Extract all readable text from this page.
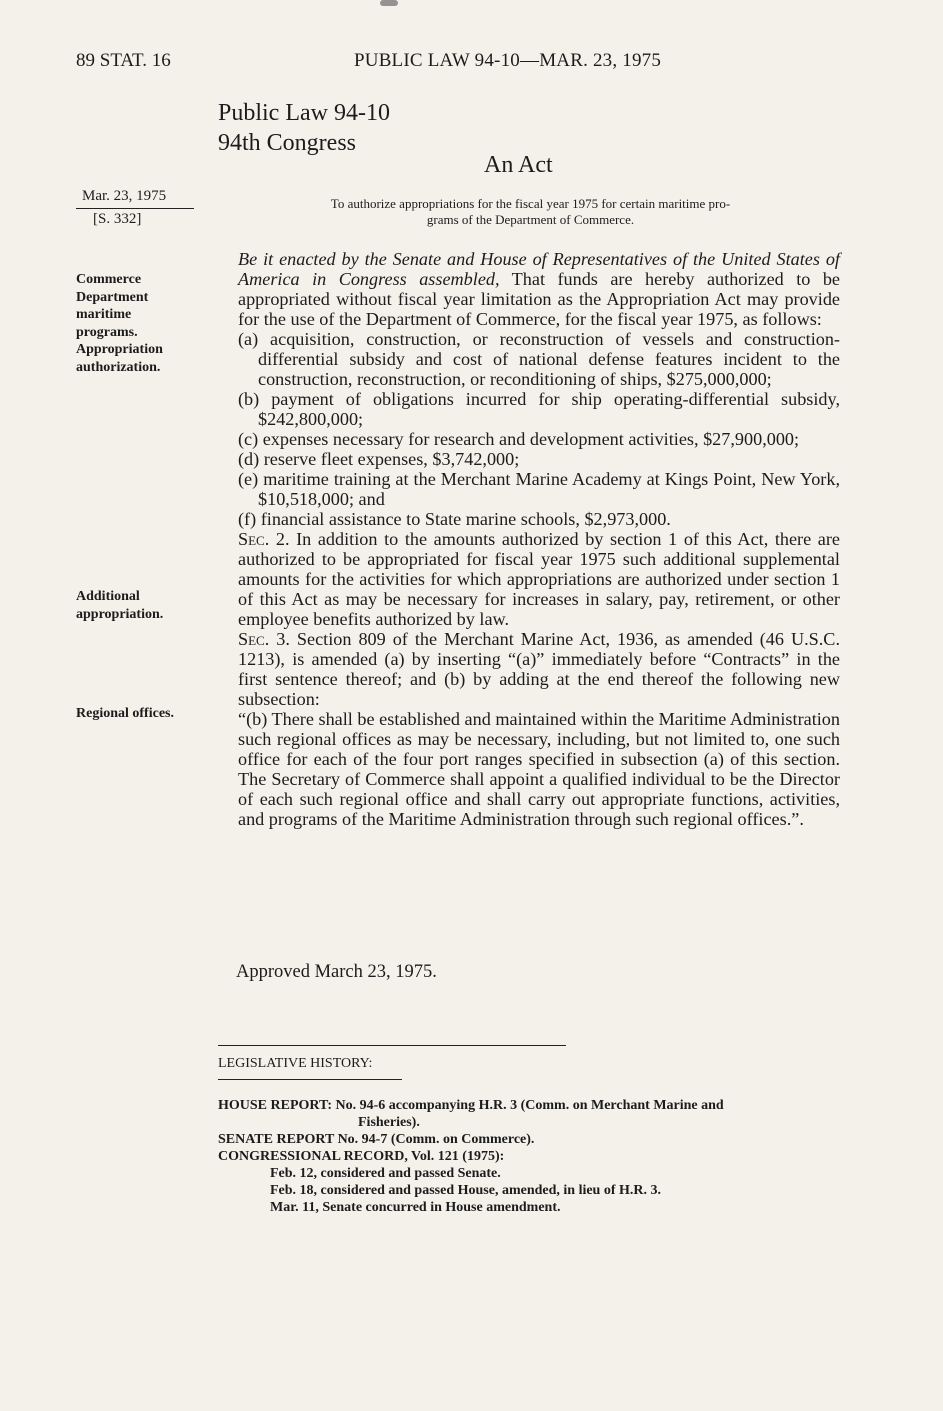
89 STAT. 16	PUBLIC LAW 94-10—MAR. 23, 1975
Public Law 94-10
94th Congress
An Act
Mar. 23, 1975
[S. 332]
To authorize appropriations for the fiscal year 1975 for certain maritime pro-
grams of the Department of Commerce.
Commerce
Department
maritime
programs.
Appropriation
authorization.
Additional
appropriation.
Regional offices.

Be it enacted by the Senate and House of Representatives of the United States of America in Congress assembled, That funds are hereby authorized to be appropriated without fiscal year limitation as the Appropriation Act may provide for the use of the Department of Commerce, for the fiscal year 1975, as follows:

(a) acquisition, construction, or reconstruction of vessels and construction-differential subsidy and cost of national defense features incident to the construction, reconstruction, or reconditioning of ships, $275,000,000;

(b) payment of obligations incurred for ship operating-differential subsidy, $242,800,000;

(c) expenses necessary for research and development activities, $27,900,000;

(d) reserve fleet expenses, $3,742,000;

(e) maritime training at the Merchant Marine Academy at Kings Point, New York, $10,518,000; and

(f) financial assistance to State marine schools, $2,973,000.

Sec. 2. In addition to the amounts authorized by section 1 of this Act, there are authorized to be appropriated for fiscal year 1975 such additional supplemental amounts for the activities for which appropriations are authorized under section 1 of this Act as may be necessary for increases in salary, pay, retirement, or other employee benefits authorized by law.

Sec. 3. Section 809 of the Merchant Marine Act, 1936, as amended (46 U.S.C. 1213), is amended (a) by inserting “(a)” immediately before “Contracts” in the first sentence thereof; and (b) by adding at the end thereof the following new subsection:

“(b) There shall be established and maintained within the Maritime Administration such regional offices as may be necessary, including, but not limited to, one such office for each of the four port ranges specified in subsection (a) of this section. The Secretary of Commerce shall appoint a qualified individual to be the Director of each such regional office and shall carry out appropriate functions, activities, and programs of the Maritime Administration through such regional offices.”.

Approved March 23, 1975.
LEGISLATIVE HISTORY:
HOUSE REPORT: No. 94-6 accompanying H.R. 3 (Comm. on Merchant Marine and
Fisheries).
SENATE REPORT No. 94-7 (Comm. on Commerce).
CONGRESSIONAL RECORD, Vol. 121 (1975):
Feb. 12, considered and passed Senate.
Feb. 18, considered and passed House, amended, in lieu of H.R. 3.
Mar. 11, Senate concurred in House amendment.
